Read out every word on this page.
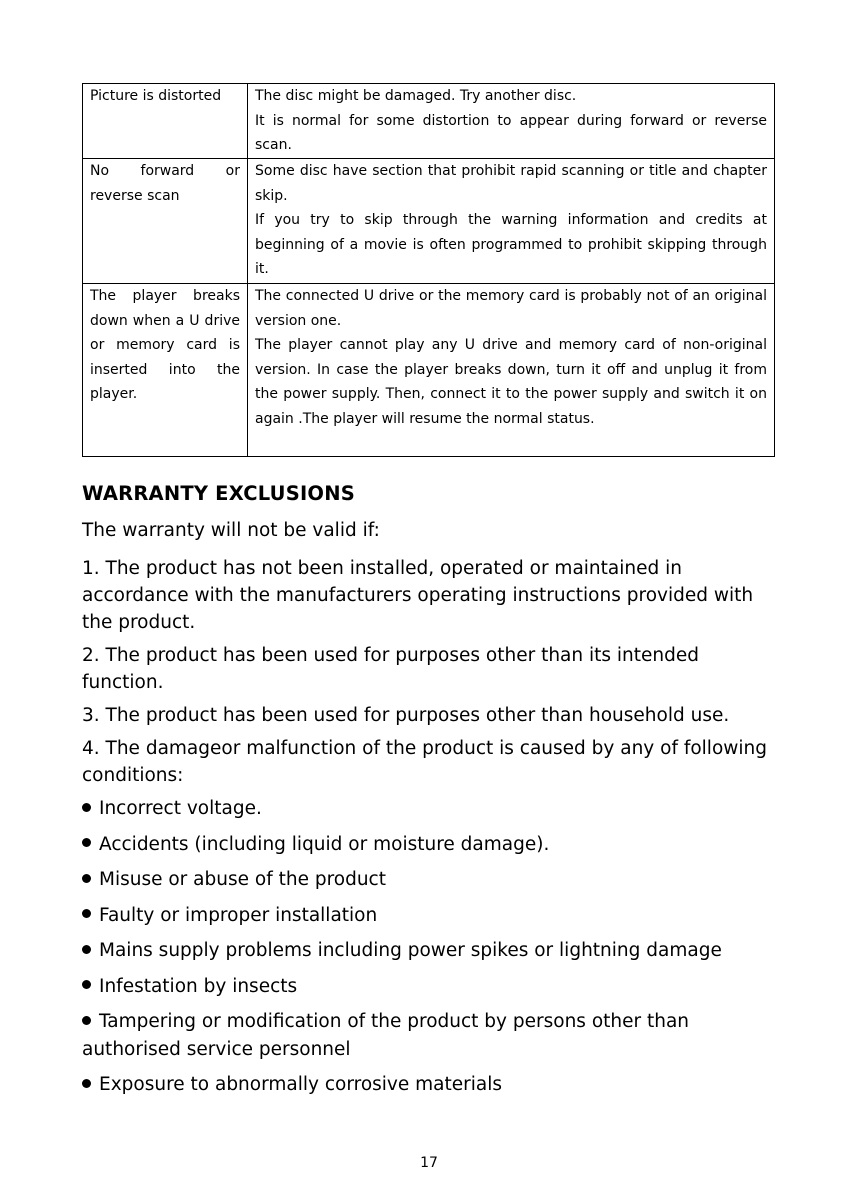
Picture is distorted	The disc might be damaged. Try another disc.

It is normal for some distortion to appear during forward or reverse scan.

No forward or reverse scan	Some disc have section that prohibit rapid scanning or title and chapter skip.

If you try to skip through the warning information and credits at beginning of a movie is often programmed to prohibit skipping through it.

The player breaks down when a U drive or memory card is inserted into the player.	The connected U drive or the memory card is probably not of an original version one.

The player cannot play any U drive and memory card of non-original version. In case the player breaks down, turn it off and unplug it from the power supply. Then, connect it to the power supply and switch it on again .The player will resume the normal status.

WARRANTY EXCLUSIONS

The warranty will not be valid if:

1. The product has not been installed, operated or maintained in accordance with the manufacturers operating instructions provided with the product.

2. The product has been used for purposes other than its intended function.

3. The product has been used for purposes other than household use.

4. The damageor malfunction of the product is caused by any of following conditions:

Incorrect voltage.

Accidents (including liquid or moisture damage).

Misuse or abuse of the product

Faulty or improper installation

Mains supply problems including power spikes or lightning damage

Infestation by insects

Tampering or modification of the product by persons other than authorised service personnel

Exposure to abnormally corrosive materials

17
